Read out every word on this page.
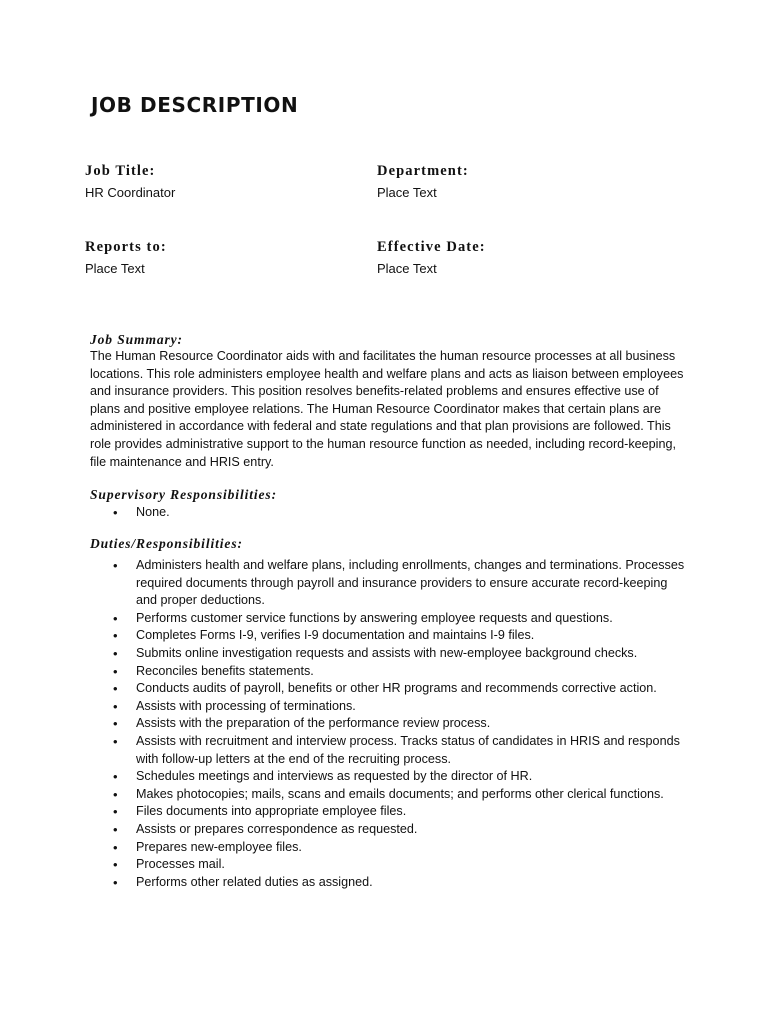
JOB DESCRIPTION
Job Title:
HR Coordinator
Department:
Place Text
Reports to:
Place Text
Effective Date:
Place Text
Job Summary:

The Human Resource Coordinator aids with and facilitates the human resource processes at all business locations. This role administers employee health and welfare plans and acts as liaison between employees and insurance providers. This position resolves benefits-related problems and ensures effective use of plans and positive employee relations. The Human Resource Coordinator makes that certain plans are administered in accordance with federal and state regulations and that plan provisions are followed. This role provides administrative support to the human resource function as needed, including record-keeping, file maintenance and HRIS entry.

Supervisory Responsibilities:
• None.
Duties/Responsibilities:
• Administers health and welfare plans, including enrollments, changes and terminations. Processes required documents through payroll and insurance providers to ensure accurate record-keeping and proper deductions.
• Performs customer service functions by answering employee requests and questions.
• Completes Forms I-9, verifies I-9 documentation and maintains I-9 files.
• Submits online investigation requests and assists with new-employee background checks.
• Reconciles benefits statements.
• Conducts audits of payroll, benefits or other HR programs and recommends corrective action.
• Assists with processing of terminations.
• Assists with the preparation of the performance review process.
• Assists with recruitment and interview process. Tracks status of candidates in HRIS and responds with follow-up letters at the end of the recruiting process.
• Schedules meetings and interviews as requested by the director of HR.
• Makes photocopies; mails, scans and emails documents; and performs other clerical functions.
• Files documents into appropriate employee files.
• Assists or prepares correspondence as requested.
• Prepares new-employee files.
• Processes mail.
• Performs other related duties as assigned.
